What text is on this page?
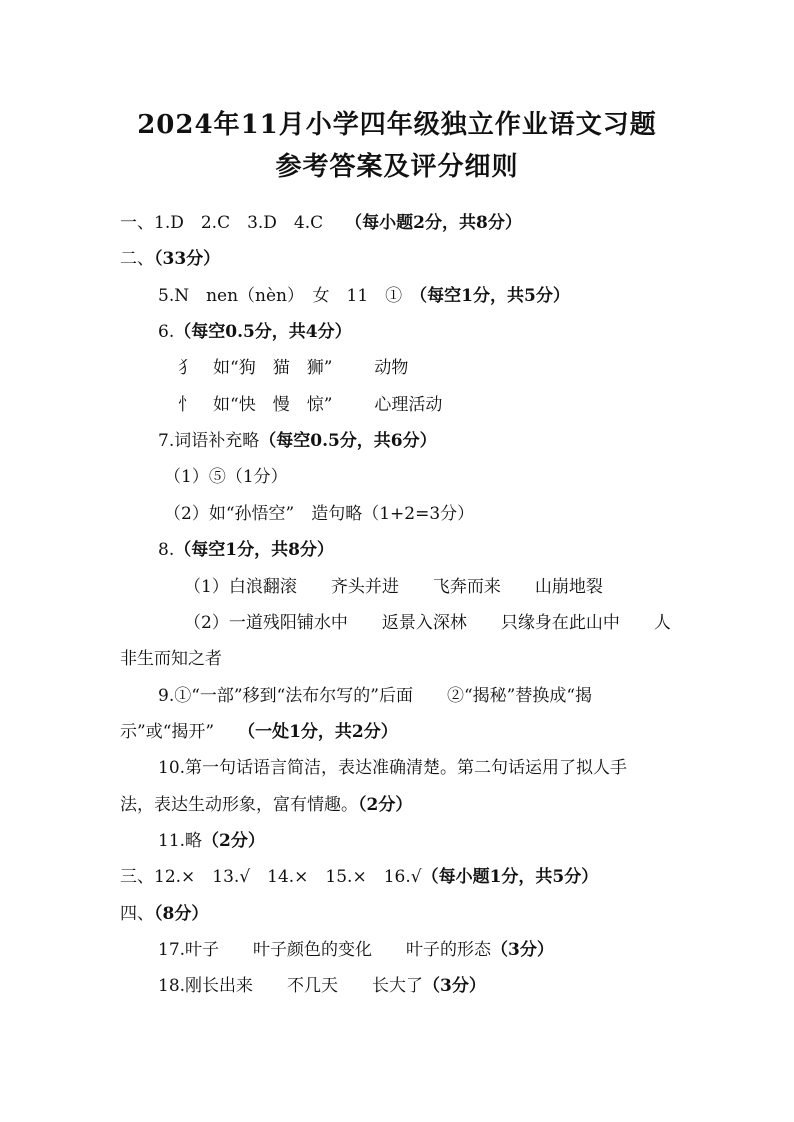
2024年11月小学四年级独立作业语文习题
参考答案及评分细则
一、1.D　2.C　3.D　4.C （每小题2分，共8分）
二、（33分）
5.N　nen（nèn）　女　11　① （每空1分，共5分）
6.（每空0.5分，共4分）
犭 如“狗　猫　狮” 动物
忄 如“快　慢　惊” 心理活动
7.词语补充略（每空0.5分，共6分）
（1）⑤（1分）
（2）如“孙悟空”　造句略（1+2=3分）
8.（每空1分，共8分）
（1）白浪翻滚　　齐头并进　　飞奔而来　　山崩地裂
（2）一道残阳铺水中　　返景入深林　　只缘身在此山中　　人
非生而知之者
9.①“一部”移到“法布尔写的”后面　　②“揭秘”替换成“揭
示”或“揭开” （一处1分，共2分）
10.第一句话语言简洁，表达准确清楚。第二句话运用了拟人手
法，表达生动形象，富有情趣。（2分）
11.略（2分）
三、12.×　13.√　14.×　15.×　16.√（每小题1分，共5分）
四、（8分）
17.叶子　　叶子颜色的变化　　叶子的形态（3分）
18.刚长出来　　不几天　　长大了（3分）
